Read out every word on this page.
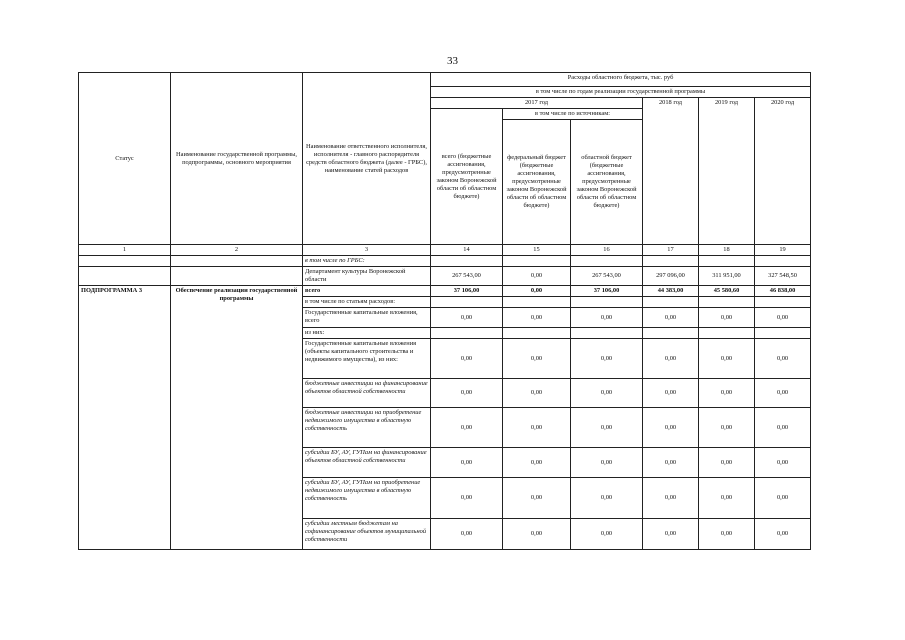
33
Статус	Наименование государственной программы, подпрограммы, основного мероприятия	Наименование ответственного исполнителя, исполнителя - главного распорядителя средств областного бюджета (далее - ГРБС), наименование статей расходов	Расходы областного бюджета, тыс. руб					
			в том числе по годам реализации государственной программы					
			2017 год			2018 год	2019 год	2020 год
			всего (бюджетные ассигнования, предусмотренные законом Воронежской области об областном бюджете)	в том числе по источникам:				
				федеральный бюджет (бюджетные ассигнования, предусмотренные законом Воронежской области об областном бюджете)	областной бюджет (бюджетные ассигнования, предусмотренные законом Воронежской области об областном бюджете)			
1	2	3	14	15	16	17	18	19
		в том числе по ГРБС:						
		Департамент культуры Воронежской области	267 543,00	0,00	267 543,00	297 096,00	311 951,00	327 548,50
ПОДПРОГРАММА 3	Обеспечение реализации государственной программы	всего	37 106,00	0,00	37 106,00	44 383,00	45 580,60	46 838,00
		в том числе по статьям расходов:						
		Государственные капитальные вложения, всего	0,00	0,00	0,00	0,00	0,00	0,00
		из них:						
		Государственные капитальные вложения (объекты капитального строительства и недвижимого имущества), из них:	0,00	0,00	0,00	0,00	0,00	0,00
		бюджетные инвестиции на финансирование объектов областной собственности	0,00	0,00	0,00	0,00	0,00	0,00
		бюджетные инвестиции на приобретение недвижимого имущества в областную собственность	0,00	0,00	0,00	0,00	0,00	0,00
		субсидии БУ, АУ, ГУПам на финансирование объектов областной собственности	0,00	0,00	0,00	0,00	0,00	0,00
		субсидии БУ, АУ, ГУПам на приобретение недвижимого имущества в областную собственность	0,00	0,00	0,00	0,00	0,00	0,00
		субсидии местным бюджетам на софинансирование объектов муниципальной собственности	0,00	0,00	0,00	0,00	0,00	0,00
